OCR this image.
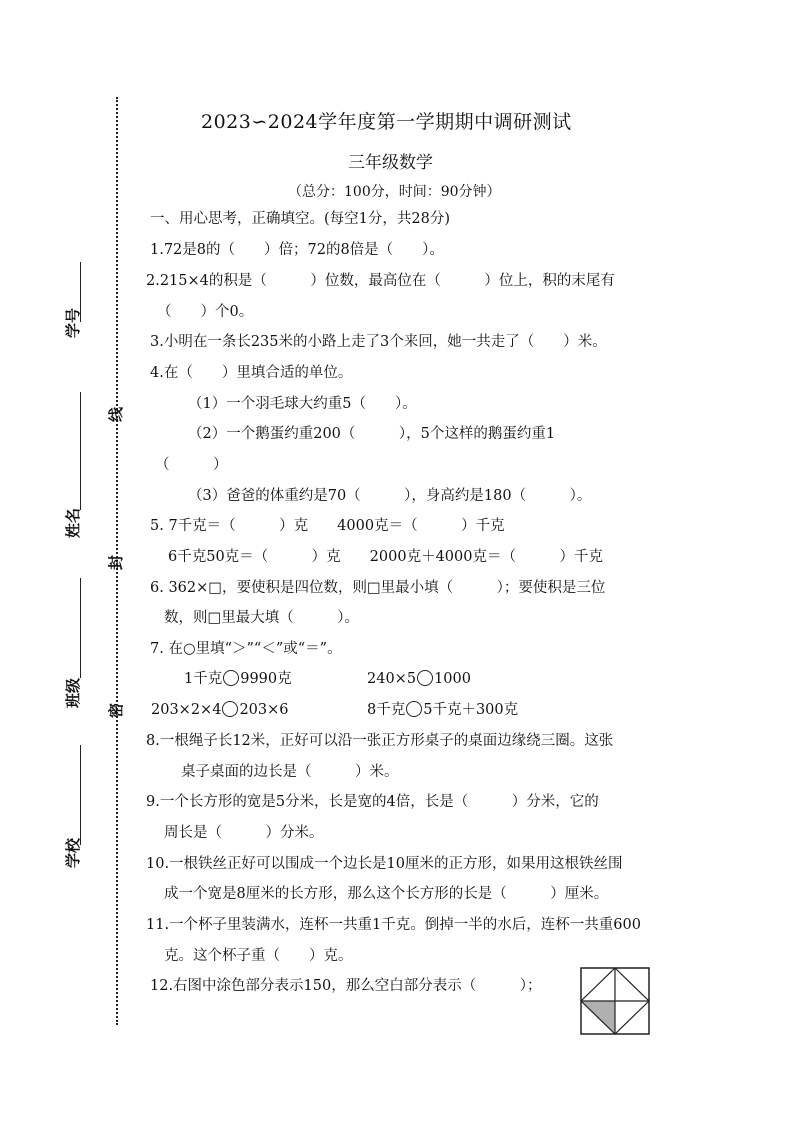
学号
姓名
班级
学校
线
封
密
2023∽2024学年度第一学期期中调研测试
三年级数学
（总分：100分，时间：90分钟）
一、用心思考，正确填空。(每空1分，共28分)
1.72是8的（　　）倍；72的8倍是（　　）。
2.215×4的积是（　　　）位数，最高位在（　　　）位上，积的末尾有
（　　）个0。
3.小明在一条长235米的小路上走了3个来回，她一共走了（　　）米。
4.在（　　）里填合适的单位。
（1）一个羽毛球大约重5（　　）。
（2）一个鹅蛋约重200（　　　），5个这样的鹅蛋约重1
（　　　）
（3）爸爸的体重约是70（　　　），身高约是180（　　　）。
5. 7千克＝（　　　）克　　4000克＝（　　　）千克
6千克50克＝（　　　）克　　2000克＋4000克＝（　　　）千克
6. 362×□，要使积是四位数，则□里最小填（　　　）；要使积是三位
数，则□里最大填（　　　）。
7. 在○里填“＞”“＜”或“＝”。
1千克 9990克	240×5 1000
203×2×4 203×6	8千克 5千克＋300克
8.一根绳子长12米，正好可以沿一张正方形桌子的桌面边缘绕三圈。这张
桌子桌面的边长是（　　　）米。
9.一个长方形的宽是5分米，长是宽的4倍，长是（　　　）分米，它的
周长是（　　　）分米。
10.一根铁丝正好可以围成一个边长是10厘米的正方形，如果用这根铁丝围
成一个宽是8厘米的长方形，那么这个长方形的长是（　　　）厘米。
11.一个杯子里装满水，连杯一共重1千克。倒掉一半的水后，连杯一共重600
克。这个杯子重（　　）克。
12.右图中涂色部分表示150，那么空白部分表示（　　　）；
